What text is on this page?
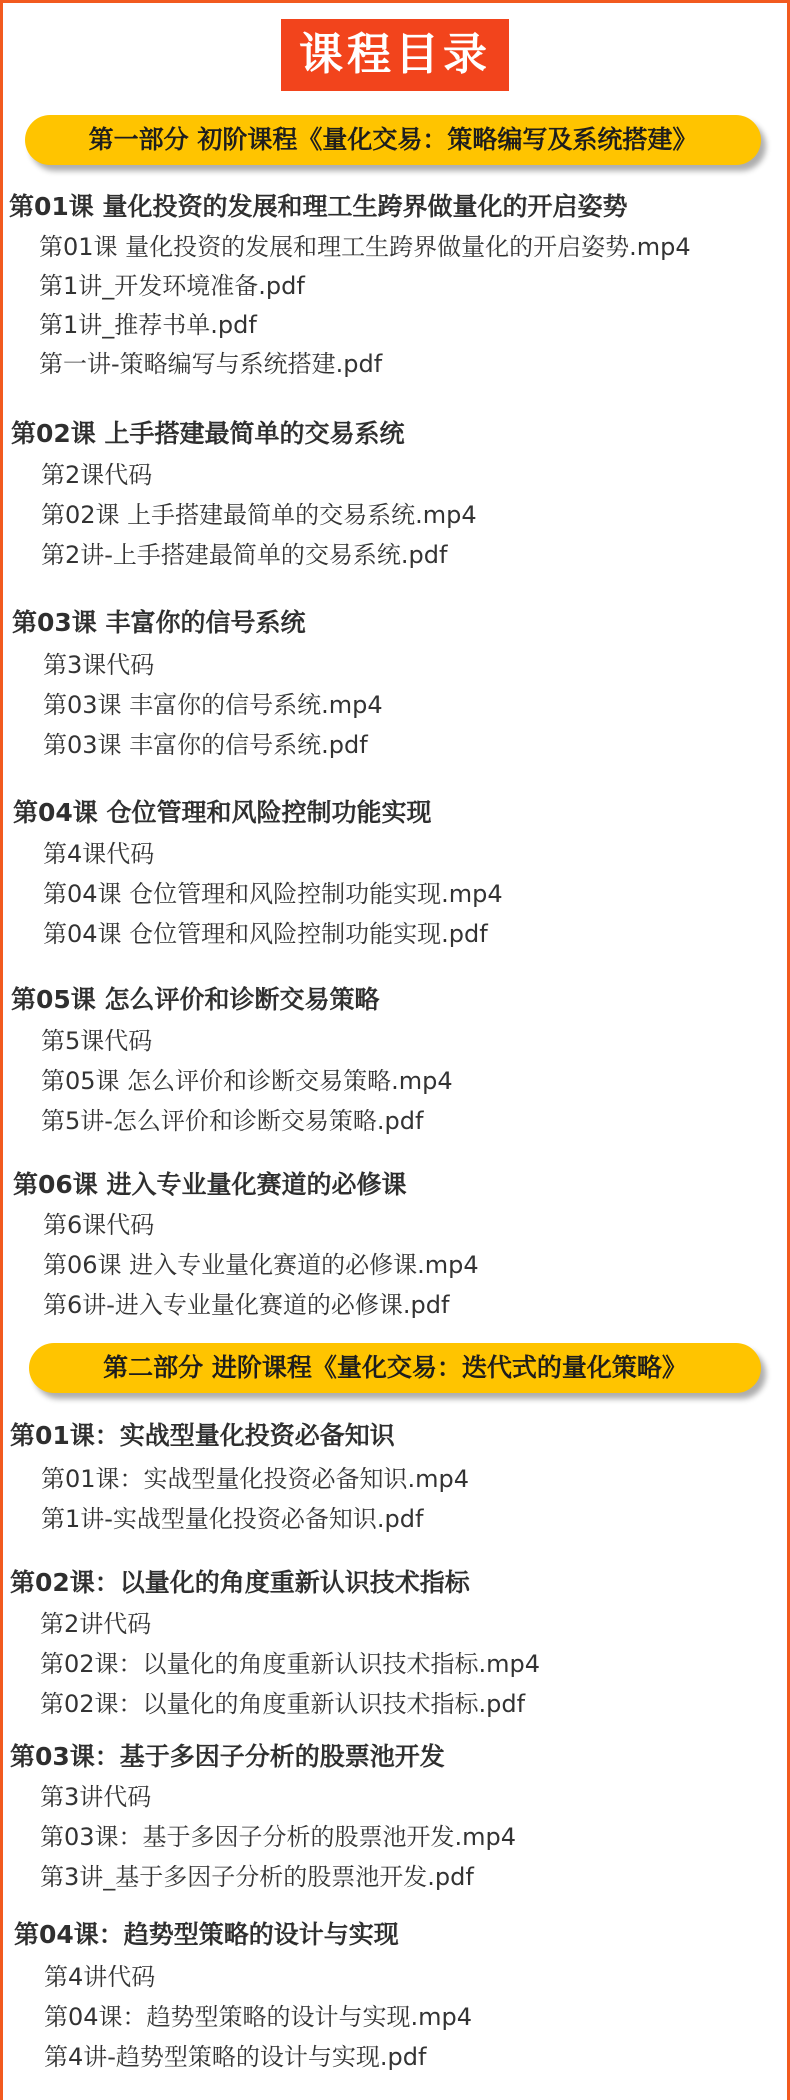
课程目录
第一部分 初阶课程《量化交易：策略编写及系统搭建》
第01课 量化投资的发展和理工生跨界做量化的开启姿势
第01课 量化投资的发展和理工生跨界做量化的开启姿势.mp4
第1讲_开发环境准备.pdf
第1讲_推荐书单.pdf
第一讲-策略编写与系统搭建.pdf
第02课 上手搭建最简单的交易系统
第2课代码
第02课 上手搭建最简单的交易系统.mp4
第2讲-上手搭建最简单的交易系统.pdf
第03课 丰富你的信号系统
第3课代码
第03课 丰富你的信号系统.mp4
第03课 丰富你的信号系统.pdf
第04课 仓位管理和风险控制功能实现
第4课代码
第04课 仓位管理和风险控制功能实现.mp4
第04课 仓位管理和风险控制功能实现.pdf
第05课 怎么评价和诊断交易策略
第5课代码
第05课 怎么评价和诊断交易策略.mp4
第5讲-怎么评价和诊断交易策略.pdf
第06课 进入专业量化赛道的必修课
第6课代码
第06课 进入专业量化赛道的必修课.mp4
第6讲-进入专业量化赛道的必修课.pdf
第二部分 进阶课程《量化交易：迭代式的量化策略》
第01课：实战型量化投资必备知识
第01课：实战型量化投资必备知识.mp4
第1讲-实战型量化投资必备知识.pdf
第02课：以量化的角度重新认识技术指标
第2讲代码
第02课：以量化的角度重新认识技术指标.mp4
第02课：以量化的角度重新认识技术指标.pdf
第03课：基于多因子分析的股票池开发
第3讲代码
第03课：基于多因子分析的股票池开发.mp4
第3讲_基于多因子分析的股票池开发.pdf
第04课：趋势型策略的设计与实现
第4讲代码
第04课：趋势型策略的设计与实现.mp4
第4讲-趋势型策略的设计与实现.pdf
